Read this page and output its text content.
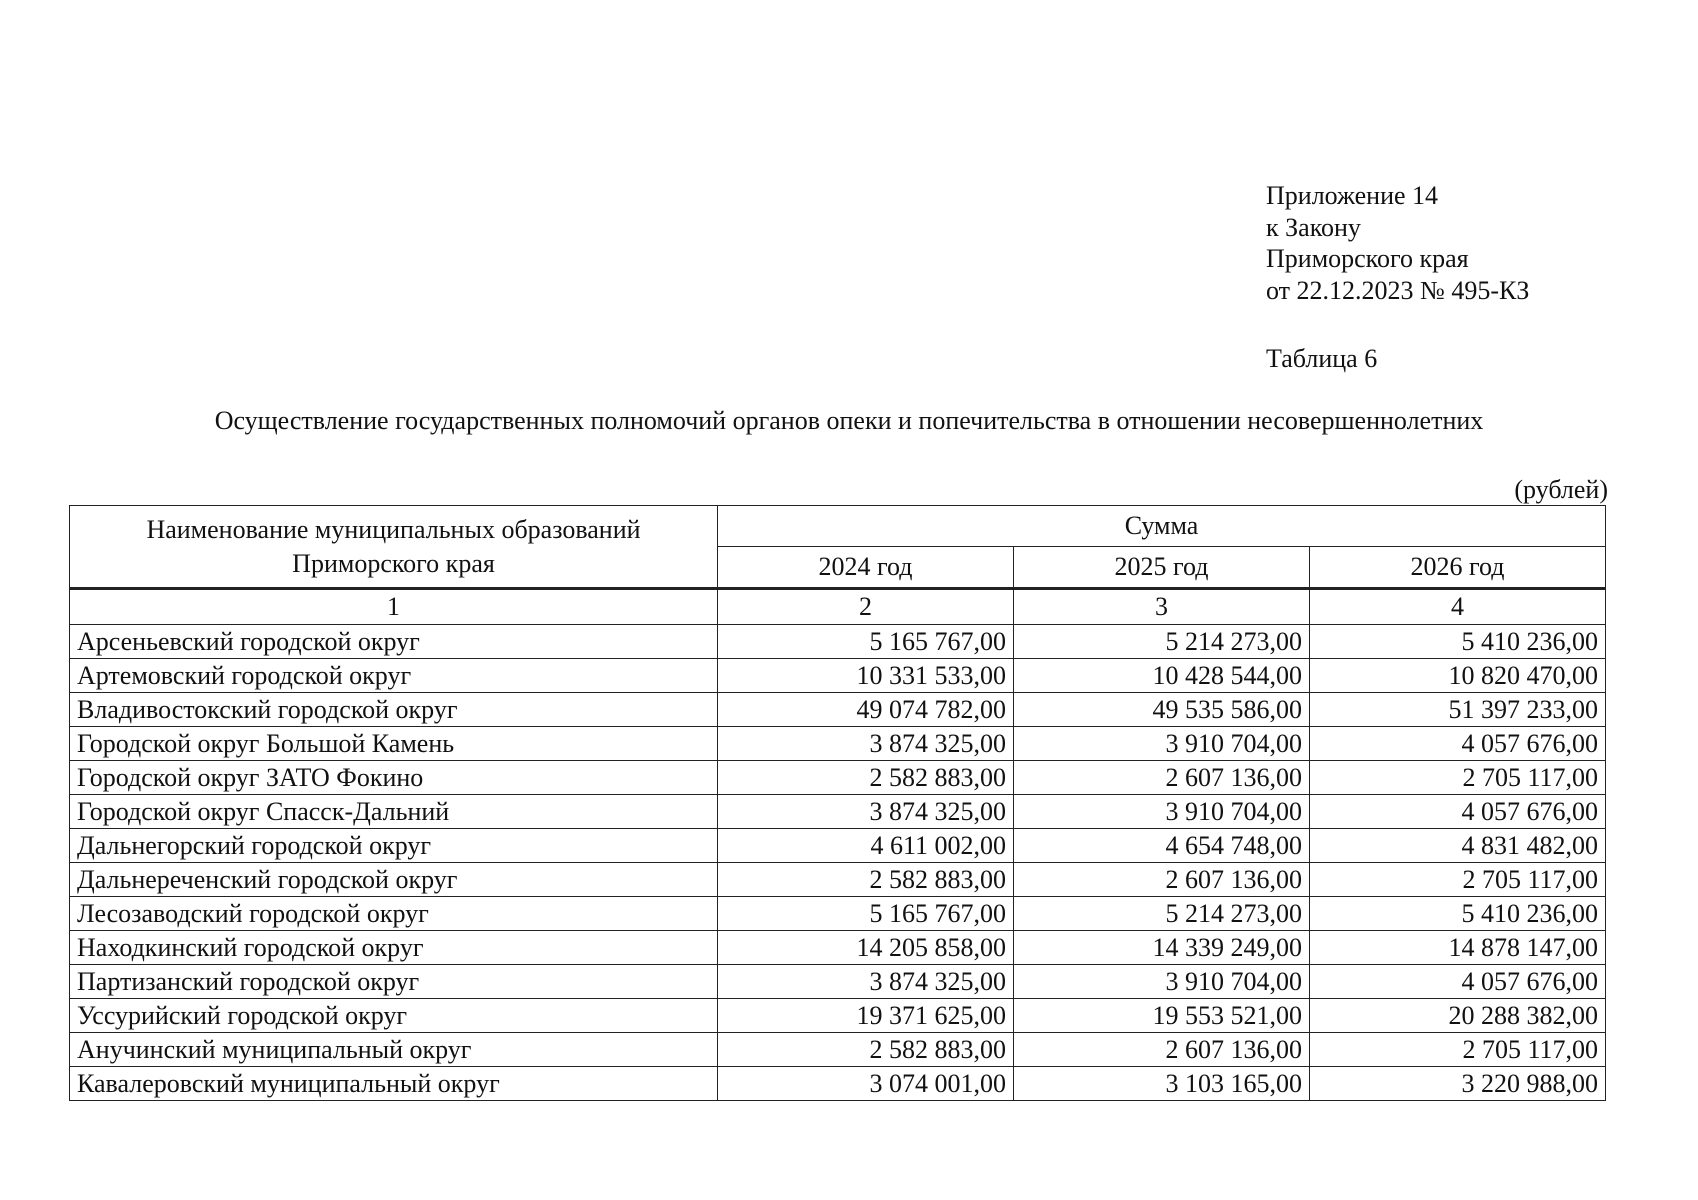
Приложение 14
к Закону
Приморского края
от 22.12.2023 № 495-КЗ
Таблица 6
Осуществление государственных полномочий органов опеки и попечительства в отношении несовершеннолетних
(рублей)
Наименование муниципальных образований
Приморского края	Сумма		
	2024 год	2025 год	2026 год
1	2	3	4
Арсеньевский городской округ	5 165 767,00	5 214 273,00	5 410 236,00
Артемовский городской округ	10 331 533,00	10 428 544,00	10 820 470,00
Владивостокский городской округ	49 074 782,00	49 535 586,00	51 397 233,00
Городской округ Большой Камень	3 874 325,00	3 910 704,00	4 057 676,00
Городской округ ЗАТО Фокино	2 582 883,00	2 607 136,00	2 705 117,00
Городской округ Спасск-Дальний	3 874 325,00	3 910 704,00	4 057 676,00
Дальнегорский городской округ	4 611 002,00	4 654 748,00	4 831 482,00
Дальнереченский городской округ	2 582 883,00	2 607 136,00	2 705 117,00
Лесозаводский городской округ	5 165 767,00	5 214 273,00	5 410 236,00
Находкинский городской округ	14 205 858,00	14 339 249,00	14 878 147,00
Партизанский городской округ	3 874 325,00	3 910 704,00	4 057 676,00
Уссурийский городской округ	19 371 625,00	19 553 521,00	20 288 382,00
Анучинский муниципальный округ	2 582 883,00	2 607 136,00	2 705 117,00
Кавалеровский муниципальный округ	3 074 001,00	3 103 165,00	3 220 988,00
